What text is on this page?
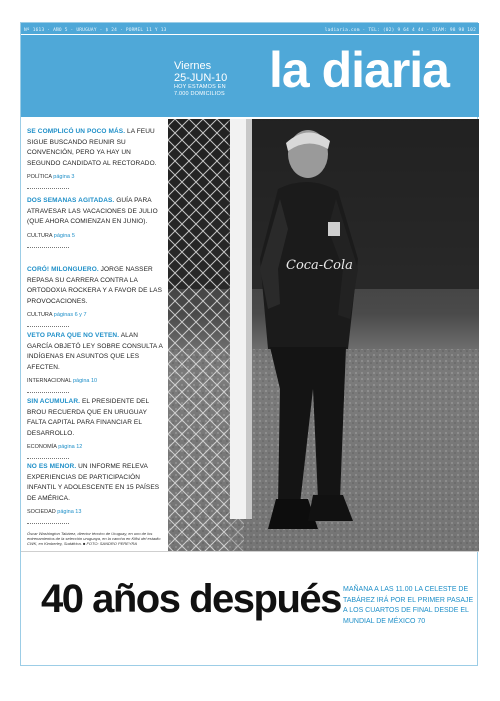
Nº 1613 · AÑO 5 · URUGUAY · $ 24 · PORMEL 11 Y 13	ladiaria.com · TEL: (02) 9 64 4 44 · DIAM: 98 98 102
Viernes
25-JUN-10
HOY ESTAMOS EN
7.000 DOMICILIOS la diaria
SE COMPLICÓ UN POCO MÁS. LA FEUU SIGUE BUSCANDO REUNIR SU CONVENCIÓN, PERO YA HAY UN SEGUNDO CANDIDATO AL RECTORADO.
POLÍTICA página 3
DOS SEMANAS AGITADAS. GUÍA PARA ATRAVESAR LAS VACACIONES DE JULIO (QUE AHORA COMIENZAN EN JUNIO).
CULTURA página 5
CORÓ! MILONGUERO. JORGE NASSER REPASA SU CARRERA CONTRA LA ORTODOXIA ROCKERA Y A FAVOR DE LAS PROVOCACIONES.
CULTURA páginas 6 y 7
VETO PARA QUE NO VETEN. ALAN GARCÍA OBJETÓ LEY SOBRE CONSULTA A INDÍGENAS EN ASUNTOS QUE LES AFECTEN.
INTERNACIONAL página 10
SIN ACUMULAR. EL PRESIDENTE DEL BROU RECUERDA QUE EN URUGUAY FALTA CAPITAL PARA FINANCIAR EL DESARROLLO.
ECONOMÍA página 12
NO ES MENOR. UN INFORME RELEVA EXPERIENCIAS DE PARTICIPACIÓN INFANTIL Y ADOLESCENTE EN 15 PAÍSES DE AMÉRICA.
SOCIEDAD página 13
Coca-Cola
Óscar Washington Tabárez, director técnico de Uruguay, en uno de los entrenamientos de la selección uruguaya, en la cancha en Kifisi del estadio CWK, en Kimberley, Sudáfrica. ■ FOTO: SANDRO PEREYRA
40 años después MAÑANA A LAS 11.00 LA CELESTE DE TABÁREZ IRÁ POR EL PRIMER PASAJE A LOS CUARTOS DE FINAL DESDE EL MUNDIAL DE MÉXICO 70
